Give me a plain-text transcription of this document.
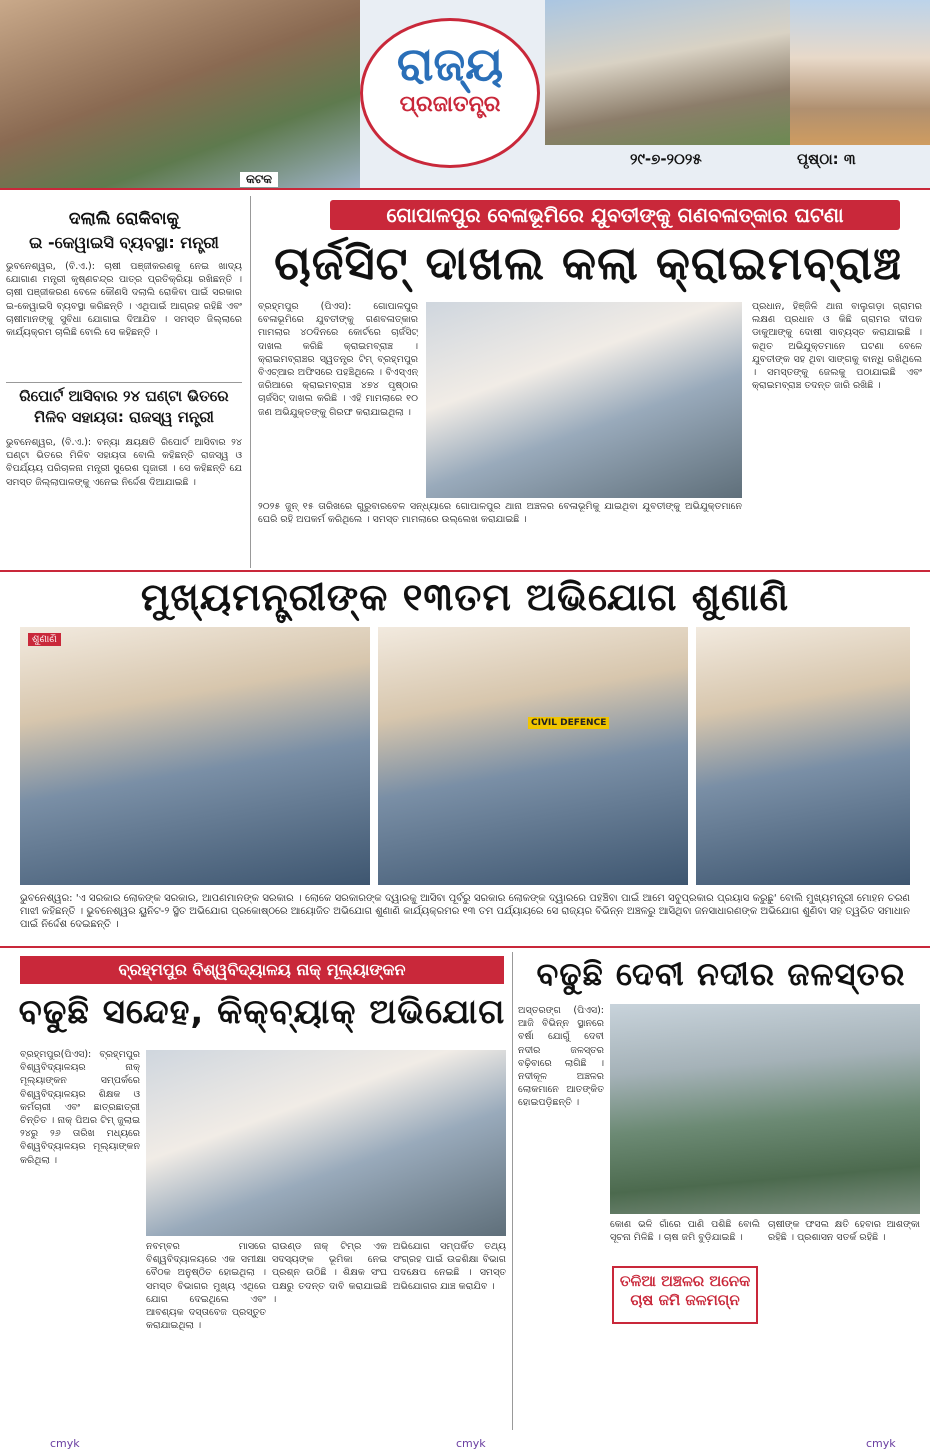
କଟକ
ରାଜ୍ୟ
ପ୍ରଜାତନ୍ତ୍ର
୨୯-୭-୨୦୨୫	ପୃଷ୍ଠା: ୩
ଦଲାଲି ରୋକିବାକୁ
ଇ -କେୱାଇସି ବ୍ୟବସ୍ଥା: ମନ୍ତ୍ରୀ
ଭୁବନେଶ୍ୱର, (ବି.ଏ.): ଚାଷୀ ପଞ୍ଜୀକରଣକୁ ନେଇ ଖାଦ୍ୟ ଯୋଗାଣ ମନ୍ତ୍ରୀ କୃଷ୍ଣଚନ୍ଦ୍ର ପାତ୍ର ପ୍ରତିକ୍ରିୟା ରଖିଛନ୍ତି । ଚାଷୀ ପଞ୍ଜୀକରଣ ବେଳେ କୌଣସି ଦଲାଲି ରୋକିବା ପାଇଁ ସରକାର ଇ-କେୱାଇସି ବ୍ୟବସ୍ଥା କରିଛନ୍ତି । ଏଥିପାଇଁ ଆଗ୍ରହ ରହିଛି ଏବଂ ଚାଷୀମାନଙ୍କୁ ସୁବିଧା ଯୋଗାଇ ଦିଆଯିବ । ସମସ୍ତ ଜିଲ୍ଲାରେ କାର୍ଯ୍ୟକ୍ରମ ଚାଲିଛି ବୋଲି ସେ କହିଛନ୍ତି ।
ରିପୋର୍ଟ ଆସିବାର ୨୪ ଘଣ୍ଟା ଭିତରେ ମିଳିବ ସହାୟତା: ରାଜସ୍ୱ ମନ୍ତ୍ରୀ
ଭୁବନେଶ୍ୱର, (ବି.ଏ.): ବନ୍ୟା କ୍ଷୟକ୍ଷତି ରିପୋର୍ଟ ଆସିବାର ୨୪ ଘଣ୍ଟା ଭିତରେ ମିଳିବ ସହାୟତା ବୋଲି କହିଛନ୍ତି ରାଜସ୍ୱ ଓ ବିପର୍ଯ୍ୟୟ ପରିଚାଳନା ମନ୍ତ୍ରୀ ସୁରେଶ ପୂଜାରୀ । ସେ କହିଛନ୍ତି ଯେ ସମସ୍ତ ଜିଲ୍ଲାପାଳଙ୍କୁ ଏନେଇ ନିର୍ଦ୍ଦେଶ ଦିଆଯାଇଛି ।
ଗୋପାଳପୁର ବେଳାଭୂମିରେ ଯୁବତୀଙ୍କୁ ଗଣବଳାତ୍କାର ଘଟଣା
ଚାର୍ଜସିଟ୍ ଦାଖଲ କଲା କ୍ରାଇମବ୍ରାଞ୍ଚ
ବ୍ରହ୍ମପୁର (ପିଏସ): ଗୋପାଳପୁର ବେଳାଭୂମିରେ ଯୁବତୀଙ୍କୁ ଗଣବଳାତ୍କାର ମାମଲାର ୪୦ଦିନରେ କୋର୍ଟରେ ଚାର୍ଜସିଟ୍ ଦାଖଲ କରିଛି କ୍ରାଇମବ୍ରାଞ୍ଚ । କ୍ରାଇମବ୍ରାଞ୍ଚର ସ୍ୱତନ୍ତ୍ର ଟିମ୍ ବ୍ରହ୍ମପୁର ବିଏଚ୍ଆର ଅଫିସରେ ପହଞ୍ଚିଥିଲେ । ବିଏସ୍ଏନ୍ ଜରିଆରେ କ୍ରାଇମବ୍ରାଞ୍ଚ ୪୭୪ ପୃଷ୍ଠାର ଚାର୍ଜସିଟ୍ ଦାଖଲ କରିଛି । ଏହି ମାମଲାରେ ୧୦ ଜଣ ଅଭିଯୁକ୍ତଙ୍କୁ ଗିରଫ କରାଯାଇଥିଲା ।
୨୦୨୫ ଜୁନ୍ ୧୫ ତାରିଖରେ ଗୁରୁବାରବେଳ ସନ୍ଧ୍ୟାରେ ଗୋପାଳପୁର ଥାନା ଅଞ୍ଚଳର ବେଳାଭୂମିକୁ ଯାଇଥିବା ଯୁବତୀଙ୍କୁ ଅଭିଯୁକ୍ତମାନେ ଘେରି ରହି ଅପକର୍ମ କରିଥିଲେ । ସମସ୍ତ ମାମଲାରେ ଉଲ୍ଲେଖ କରାଯାଇଛି ।
ପ୍ରଧାନ, ହିଞ୍ଜିଳି ଥାନା ବାଲୁଗଡ଼ା ଗ୍ରାମର ଲକ୍ଷଣ ପ୍ରଧାନ ଓ କିଛି ଗ୍ରାମର ଦୀପକ ଡାକୁଆଙ୍କୁ ଦୋଷୀ ସାବ୍ୟସ୍ତ କରାଯାଇଛି । କଥିତ ଅଭିଯୁକ୍ତମାନେ ଘଟଣା ବେଳେ ଯୁବତୀଙ୍କ ସହ ଥିବା ସାଙ୍ଗକୁ ବାନ୍ଧି ରଖିଥିଲେ । ସମସ୍ତଙ୍କୁ ଜେଲକୁ ପଠାଯାଇଛି ଏବଂ କ୍ରାଇମବ୍ରାଞ୍ଚ ତଦନ୍ତ ଜାରି ରଖିଛି ।
ମୁଖ୍ୟମନ୍ତ୍ରୀଙ୍କ ୧୩ତମ ଅଭିଯୋଗ ଶୁଣାଣି
ଶୁଣାଣି
CIVIL DEFENCE
ଭୁବନେଶ୍ୱର: 'ଏ ସରକାର ଲୋକଙ୍କ ସରକାର, ଆପଣମାନଙ୍କ ସରକାର । ଲୋକେ ସରକାରଙ୍କ ଦ୍ୱାରକୁ ଆସିବା ପୂର୍ବରୁ ସରକାର ଲୋକଙ୍କ ଦ୍ୱାରରେ ପହଞ୍ଚିବା ପାଇଁ ଆମେ ସବୁପ୍ରକାର ପ୍ରୟାସ କରୁଛୁ' ବୋଲି ମୁଖ୍ୟମନ୍ତ୍ରୀ ମୋହନ ଚରଣ ମାଝୀ କହିଛନ୍ତି । ଭୁବନେଶ୍ୱର ୟୁନିଟ-୨ ସ୍ଥିତ ଅଭିଯୋଗ ପ୍ରକୋଷ୍ଠରେ ଆୟୋଜିତ ଅଭିଯୋଗ ଶୁଣାଣି କାର୍ଯ୍ୟକ୍ରମର ୧୩ ତମ ପର୍ଯ୍ୟାୟରେ ସେ ରାଜ୍ୟର ବିଭିନ୍ନ ଅଞ୍ଚଳରୁ ଆସିଥିବା ଜନସାଧାରଣଙ୍କ ଅଭିଯୋଗ ଶୁଣିବା ସହ ତ୍ୱରିତ ସମାଧାନ ପାଇଁ ନିର୍ଦ୍ଦେଶ ଦେଇଛନ୍ତି ।
ବ୍ରହ୍ମପୁର ବିଶ୍ୱବିଦ୍ୟାଳୟ ନାକ୍ ମୂଲ୍ୟାଙ୍କନ
ବଢୁଛି ସନ୍ଦେହ, କିକ୍‌ବ୍ୟାକ୍ ଅଭିଯୋଗ
ବ୍ରହ୍ମପୁର(ପିଏସ): ବ୍ରହ୍ମପୁର ବିଶ୍ୱବିଦ୍ୟାଳୟର ନାକ୍ ମୂଲ୍ୟାଙ୍କନ ସମ୍ପର୍କରେ ବିଶ୍ୱବିଦ୍ୟାଳୟର ଶିକ୍ଷକ ଓ କର୍ମଚାରୀ ଏବଂ ଛାତ୍ରଛାତ୍ରୀ ଚିନ୍ତିତ । ନାକ୍ ପିଅର ଟିମ୍ ଜୁଲାଇ ୨୪ରୁ ୨୬ ତାରିଖ ମଧ୍ୟରେ ବିଶ୍ୱବିଦ୍ୟାଳୟର ମୂଲ୍ୟାଙ୍କନ କରିଥିଲା ।
ନବମ୍ବର ମାସରେ ବିଶ୍ୱବିଦ୍ୟାଳୟରେ ଏକ ସମୀକ୍ଷା ବୈଠକ ଅନୁଷ୍ଠିତ ହୋଇଥିଲା । ସମସ୍ତ ବିଭାଗର ମୁଖ୍ୟ ଏଥିରେ ଯୋଗ ଦେଇଥିଲେ ଏବଂ ଆବଶ୍ୟକ ଦସ୍ତାବେଜ ପ୍ରସ୍ତୁତ କରାଯାଇଥିଲା ।
ରାଉଣ୍ଡ ନାକ୍ ଟିମ୍‌ର ଏକ ସଦସ୍ୟଙ୍କ ଭୂମିକା ନେଇ ପ୍ରଶ୍ନ ଉଠିଛି । ଶିକ୍ଷକ ସଂଘ ପକ୍ଷରୁ ତଦନ୍ତ ଦାବି କରାଯାଇଛି ।
ଅଭିଯୋଗ ସମ୍ପର୍କିତ ତଥ୍ୟ ସଂଗ୍ରହ ପାଇଁ ଉଚ୍ଚଶିକ୍ଷା ବିଭାଗ ପଦକ୍ଷେପ ନେଇଛି । ସମସ୍ତ ଅଭିଯୋଗର ଯାଞ୍ଚ କରାଯିବ ।
ବଢୁଛି ଦେବୀ ନଦୀର ଜଳସ୍ତର
ଅସ୍ତରଙ୍ଗ (ପିଏସ): ଆଜି ବିଭିନ୍ନ ସ୍ଥାନରେ ବର୍ଷା ଯୋଗୁଁ ଦେବୀ ନଦୀର ଜଳସ୍ତର ବଢ଼ିବାରେ ଲାଗିଛି । ନଦୀକୂଳ ଅଞ୍ଚଳର ଲୋକମାନେ ଆତଙ୍କିତ ହୋଇପଡ଼ିଛନ୍ତି ।
କୋଣ ଭଳି ଗାଁରେ ପାଣି ପଶିଛି ବୋଲି ସୂଚନା ମିଳିଛି । ଚାଷ ଜମି ବୁଡ଼ିଯାଇଛି ।
ଚାଷୀଙ୍କ ଫସଲ କ୍ଷତି ହେବାର ଆଶଙ୍କା ରହିଛି । ପ୍ରଶାସନ ସତର୍କ ରହିଛି ।
ତଳିଆ ଅଞ୍ଚଳର ଅନେକ ଚାଷ ଜମି ଜଳମଗ୍ନ
cmyk	cmyk	cmyk
